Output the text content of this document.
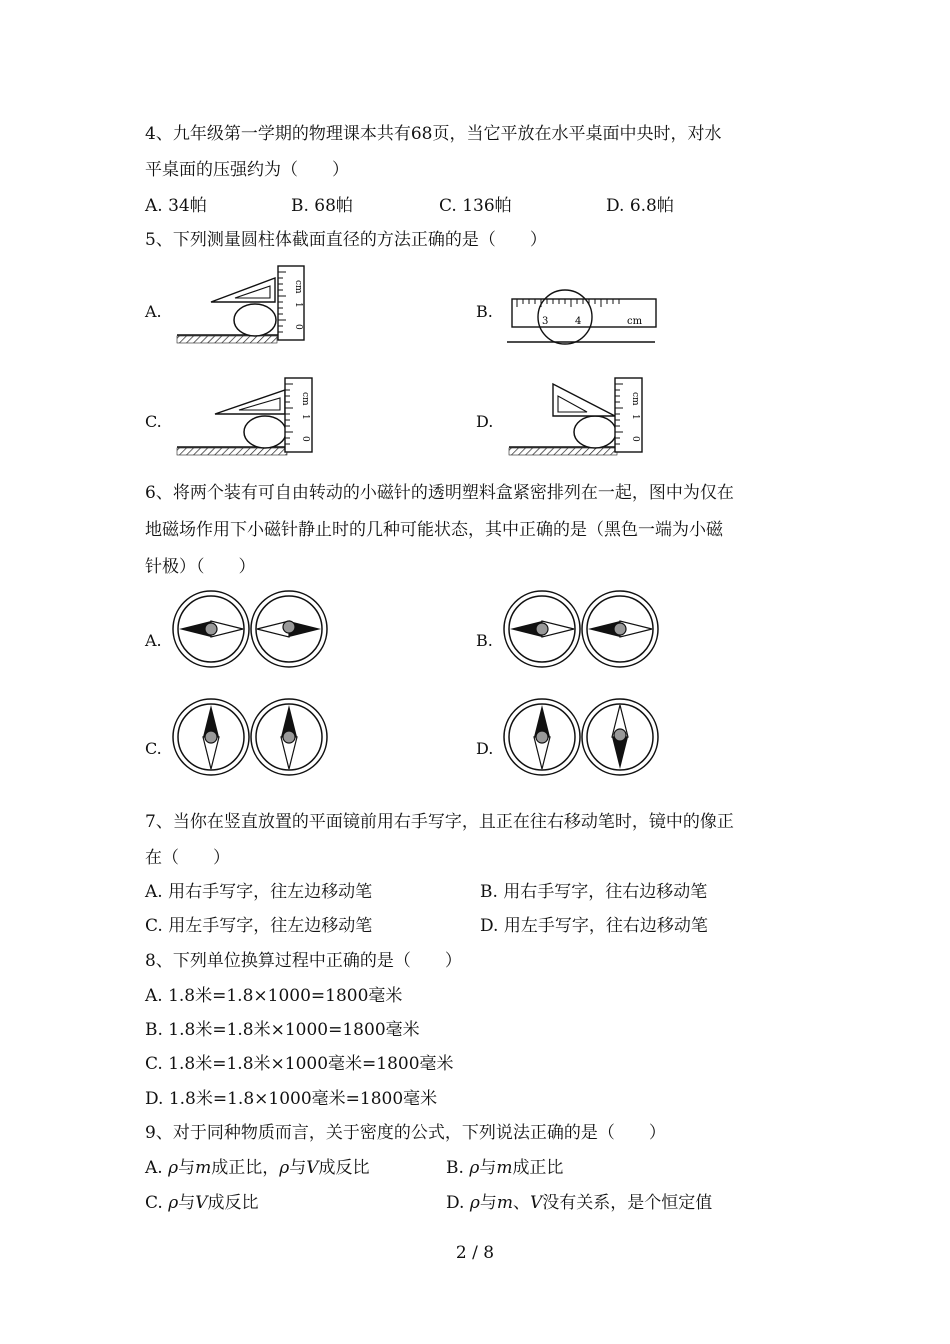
4、九年级第一学期的物理课本共有68页，当它平放在水平桌面中央时，对水
平桌面的压强约为（　　）
A. 34帕	B. 68帕	C. 136帕	D. 6.8帕
5、下列测量圆柱体截面直径的方法正确的是（　　）
A.
cm
1
0
B.
3	4	cm
C.
cm
1
0
D.
cm
1
0
6、将两个装有可自由转动的小磁针的透明塑料盒紧密排列在一起，图中为仅在
地磁场作用下小磁针静止时的几种可能状态，其中正确的是（黑色一端为小磁
针极）（　　）
A.	B.
C.	D.
7、当你在竖直放置的平面镜前用右手写字，且正在往右移动笔时，镜中的像正
在（　　）
A. 用右手写字，往左边移动笔	B. 用右手写字，往右边移动笔
C. 用左手写字，往左边移动笔	D. 用左手写字，往右边移动笔
8、下列单位换算过程中正确的是（　　）
A. 1.8米=1.8×1000=1800毫米
B. 1.8米=1.8米×1000=1800毫米
C. 1.8米=1.8米×1000毫米=1800毫米
D. 1.8米=1.8×1000毫米=1800毫米
9、对于同种物质而言，关于密度的公式，下列说法正确的是（　　）
A. ρ与m成正比，ρ与V成反比	B. ρ与m成正比
C. ρ与V成反比	D. ρ与m、V没有关系，是个恒定值
2 / 8
